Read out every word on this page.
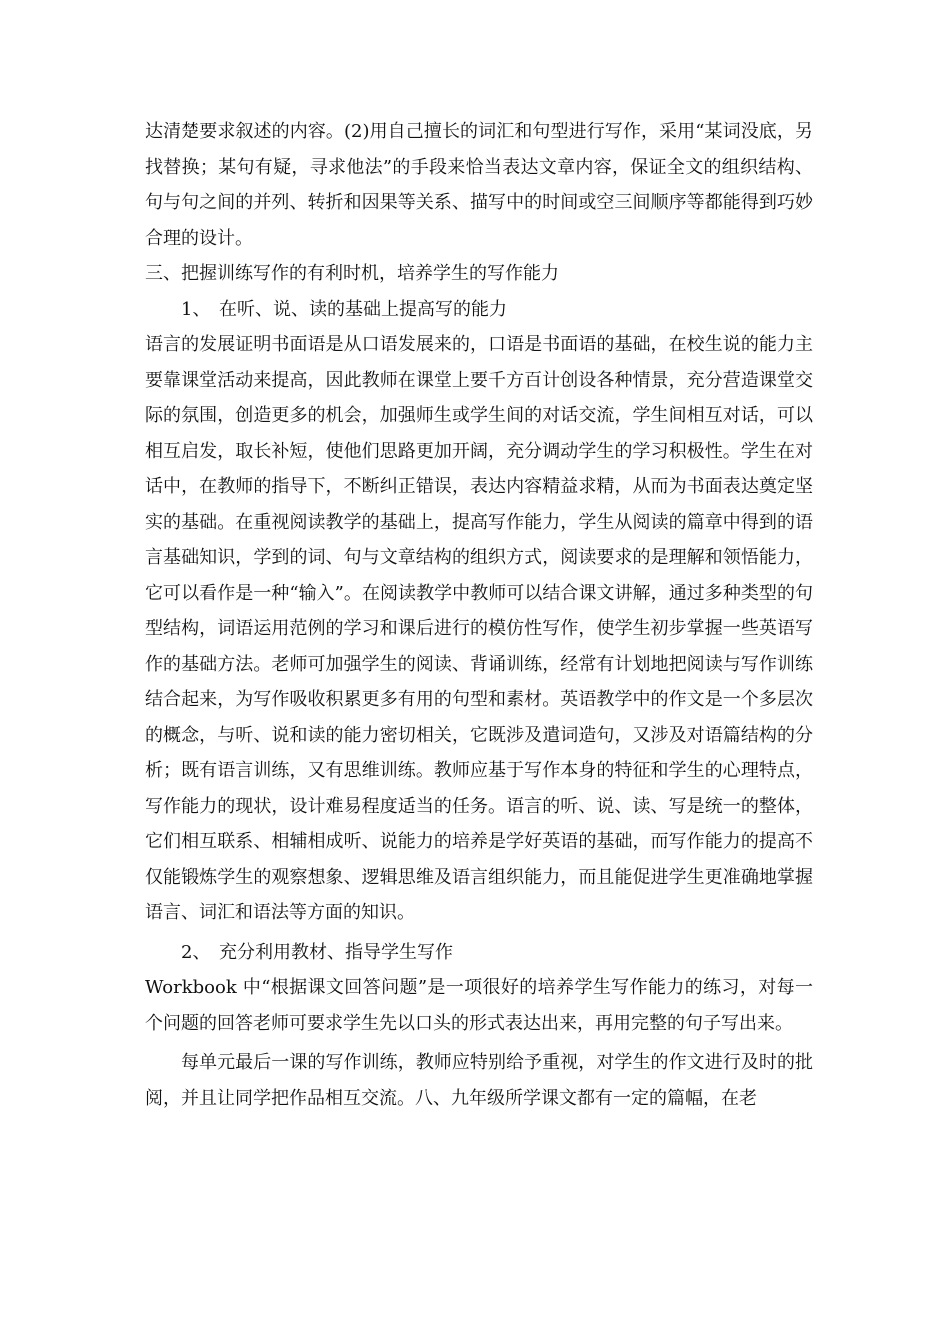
达清楚要求叙述的内容。(2)用自己擅长的词汇和句型进行写作，采用“某词没底，另找替换；某句有疑，寻求他法”的手段来恰当表达文章内容，保证全文的组织结构、句与句之间的并列、转折和因果等关系、描写中的时间或空三间顺序等都能得到巧妙合理的设计。

三、把握训练写作的有利时机，培养学生的写作能力

1、 在听、说、读的基础上提高写的能力

语言的发展证明书面语是从口语发展来的，口语是书面语的基础，在校生说的能力主要靠课堂活动来提高，因此教师在课堂上要千方百计创设各种情景，充分营造课堂交际的氛围，创造更多的机会，加强师生或学生间的对话交流，学生间相互对话，可以相互启发，取长补短，使他们思路更加开阔，充分调动学生的学习积极性。学生在对话中，在教师的指导下，不断纠正错误，表达内容精益求精，从而为书面表达奠定坚实的基础。在重视阅读教学的基础上，提高写作能力，学生从阅读的篇章中得到的语言基础知识，学到的词、句与文章结构的组织方式，阅读要求的是理解和领悟能力，它可以看作是一种“输入”。在阅读教学中教师可以结合课文讲解，通过多种类型的句型结构，词语运用范例的学习和课后进行的模仿性写作，使学生初步掌握一些英语写作的基础方法。老师可加强学生的阅读、背诵训练，经常有计划地把阅读与写作训练结合起来，为写作吸收积累更多有用的句型和素材。英语教学中的作文是一个多层次的概念，与听、说和读的能力密切相关，它既涉及遣词造句，又涉及对语篇结构的分析；既有语言训练，又有思维训练。教师应基于写作本身的特征和学生的心理特点，写作能力的现状，设计难易程度适当的任务。语言的听、说、读、写是统一的整体，它们相互联系、相辅相成听、说能力的培养是学好英语的基础，而写作能力的提高不仅能锻炼学生的观察想象、逻辑思维及语言组织能力，而且能促进学生更准确地掌握语言、词汇和语法等方面的知识。

2、 充分利用教材、指导学生写作

Workbook 中“根据课文回答问题”是一项很好的培养学生写作能力的练习，对每一个问题的回答老师可要求学生先以口头的形式表达出来，再用完整的句子写出来。

每单元最后一课的写作训练，教师应特别给予重视，对学生的作文进行及时的批阅，并且让同学把作品相互交流。八、九年级所学课文都有一定的篇幅，在老
